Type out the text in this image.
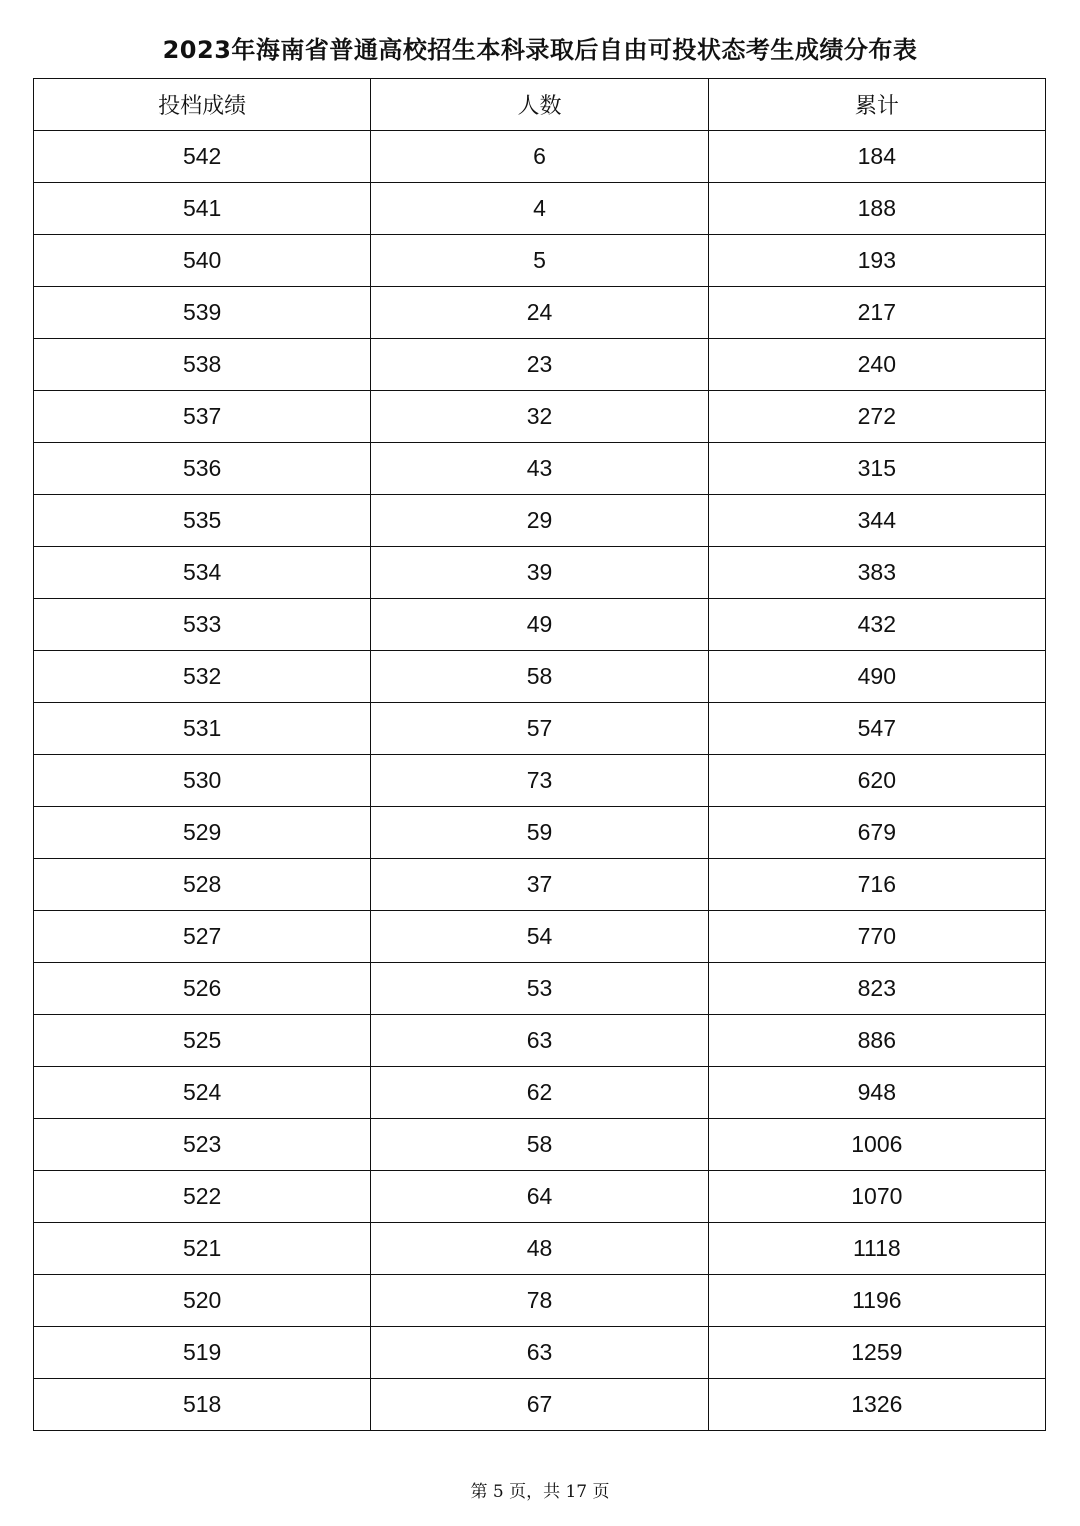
2023年海南省普通高校招生本科录取后自由可投状态考生成绩分布表
投档成绩	人数	累计
542	6	184
541	4	188
540	5	193
539	24	217
538	23	240
537	32	272
536	43	315
535	29	344
534	39	383
533	49	432
532	58	490
531	57	547
530	73	620
529	59	679
528	37	716
527	54	770
526	53	823
525	63	886
524	62	948
523	58	1006
522	64	1070
521	48	1118
520	78	1196
519	63	1259
518	67	1326
第 5 页，共 17 页
